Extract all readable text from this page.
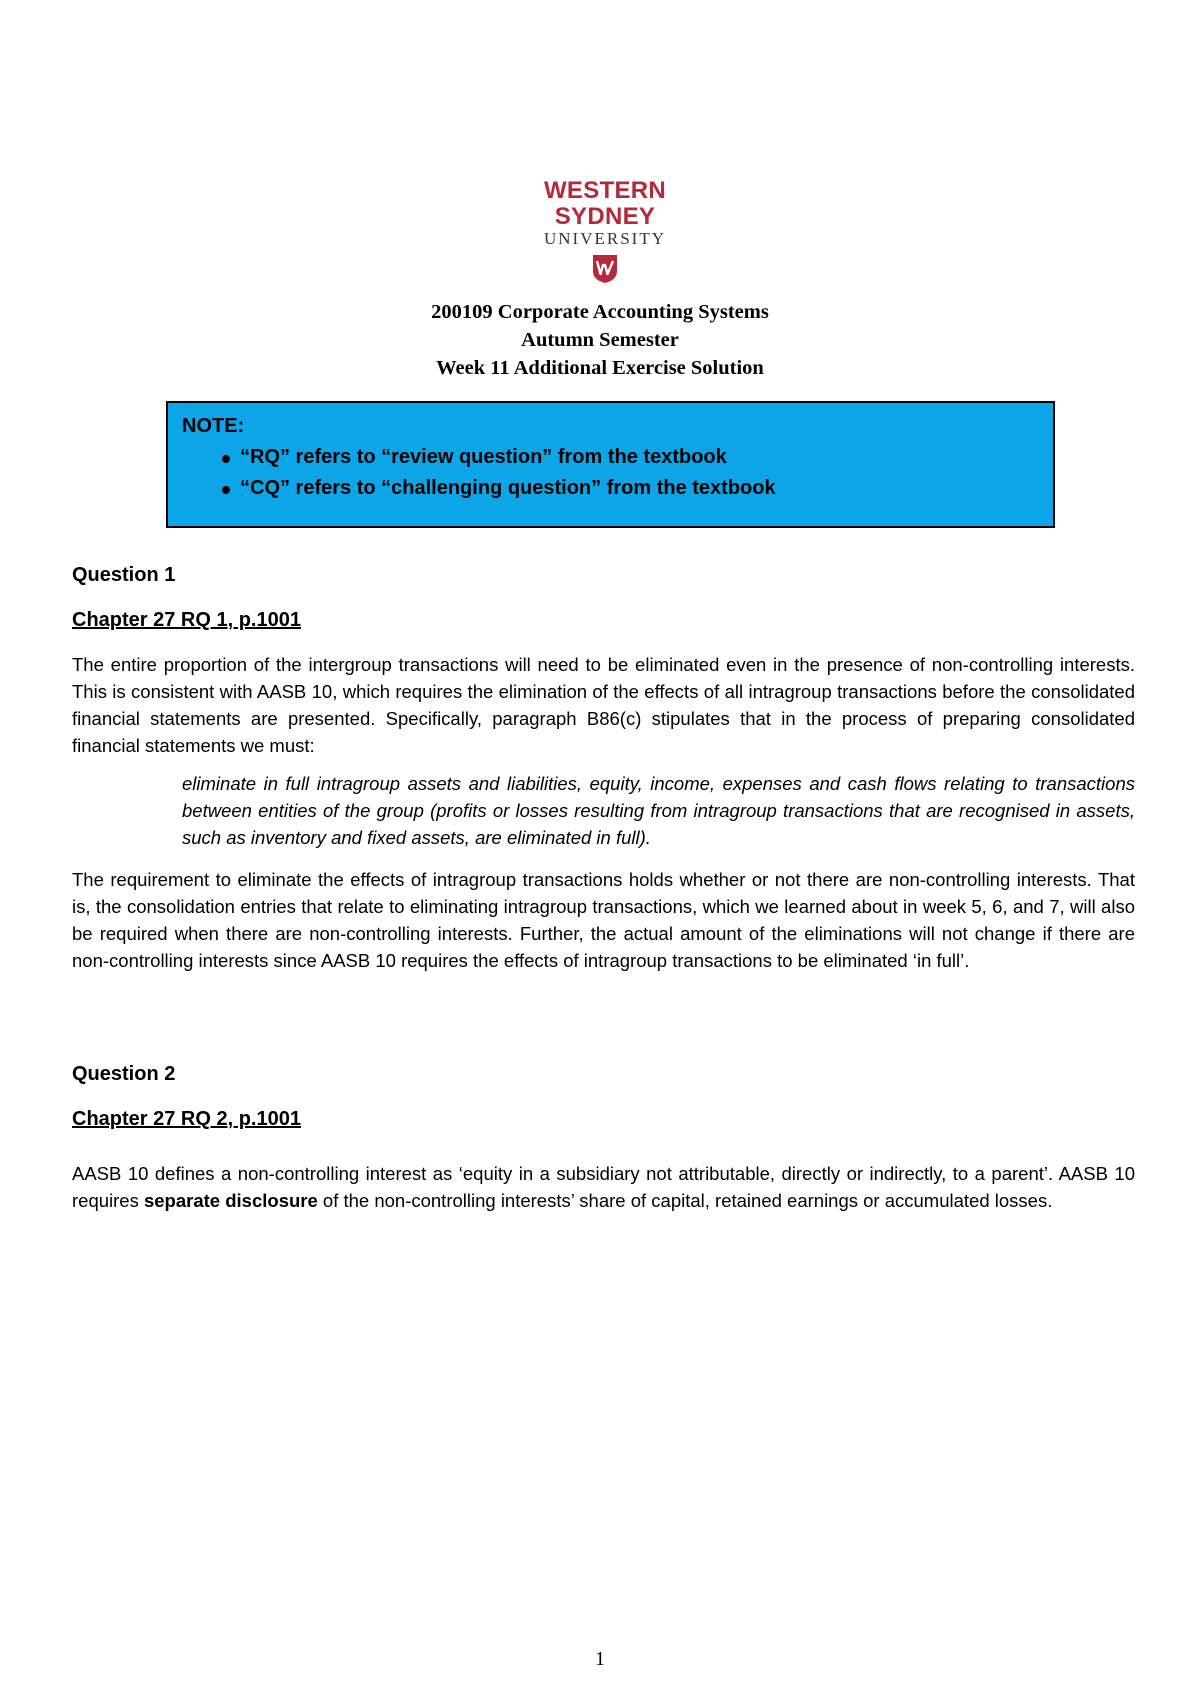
WESTERN SYDNEY
UNIVERSITY
200109 Corporate Accounting Systems
Autumn Semester
Week 11 Additional Exercise Solution
NOTE:
“RQ” refers to “review question” from the textbook
“CQ” refers to “challenging question” from the textbook
Question 1
Chapter 27 RQ 1, p.1001
The entire proportion of the intergroup transactions will need to be eliminated even in the presence of non-controlling interests. This is consistent with AASB 10, which requires the elimination of the effects of all intragroup transactions before the consolidated financial statements are presented. Specifically, paragraph B86(c) stipulates that in the process of preparing consolidated financial statements we must:
eliminate in full intragroup assets and liabilities, equity, income, expenses and cash flows relating to transactions between entities of the group (profits or losses resulting from intragroup transactions that are recognised in assets, such as inventory and fixed assets, are eliminated in full).
The requirement to eliminate the effects of intragroup transactions holds whether or not there are non-controlling interests. That is, the consolidation entries that relate to eliminating intragroup transactions, which we learned about in week 5, 6, and 7, will also be required when there are non-controlling interests. Further, the actual amount of the eliminations will not change if there are non-controlling interests since AASB 10 requires the effects of intragroup transactions to be eliminated ‘in full’.
Question 2
Chapter 27 RQ 2, p.1001
AASB 10 defines a non-controlling interest as ‘equity in a subsidiary not attributable, directly or indirectly, to a parent’. AASB 10 requires separate disclosure of the non-controlling interests’ share of capital, retained earnings or accumulated losses.
1
